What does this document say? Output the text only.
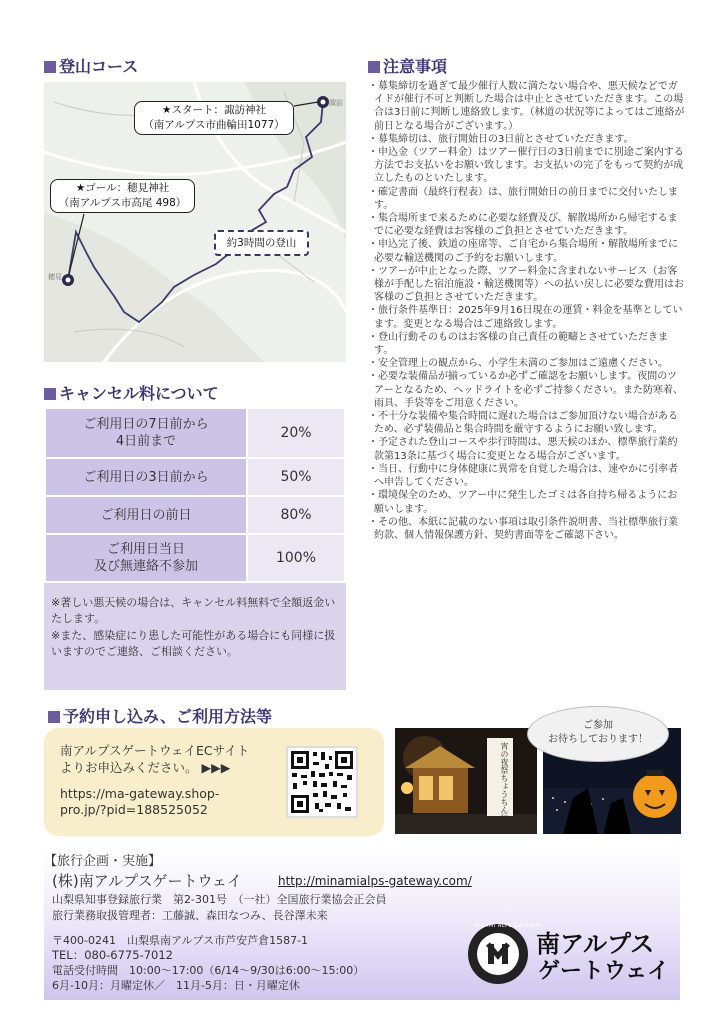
登山コース
諏訪
穂見
★スタート：諏訪神社
（南アルプス市曲輪田1077）
★ゴール：穂見神社
（南アルプス市高尾 498）
約3時間の登山
キャンセル料について
ご利用日の7日前から
4日前まで	20%

ご利用日の3日前から	50%

ご利用日の前日	80%

ご利用日当日
及び無連絡不参加	100%

※著しい悪天候の場合は、キャンセル料無料で全額返金いたします。

※また、感染症にり患した可能性がある場合にも同様に扱いますのでご連絡、ご相談ください。

注意事項

・募集締切を過ぎて最少催行人数に満たない場合や、悪天候などでガイドが催行不可と判断した場合は中止とさせていただきます。この場合は3日前に判断し連絡致します。（林道の状況等によってはご連絡が前日となる場合がございます。）

・募集締切は、旅行開始日の3日前とさせていただきます。

・申込金（ツアー料金）はツアー催行日の3日前までに別途ご案内する方法でお支払いをお願い致します。お支払いの完了をもって契約が成立したものといたします。

・確定書面（最終行程表）は、旅行開始日の前日までに交付いたします。

・集合場所まで来るために必要な経費及び、解散場所から帰宅するまでに必要な経費はお客様のご負担とさせていただきます。

・申込完了後、鉄道の座席等、ご自宅から集合場所・解散場所までに必要な輸送機関のご予約をお願いします。

・ツアーが中止となった際、ツアー料金に含まれないサービス（お客様が手配した宿泊施設・輸送機関等）への払い戻しに必要な費用はお客様のご負担とさせていただきます。

・旅行条件基準日：2025年9月16日現在の運賃・料金を基準としています。変更となる場合はご連絡致します。

・登山行動そのものはお客様の自己責任の範疇とさせていただきます。

・安全管理上の観点から、小学生未満のご参加はご遠慮ください。

・必要な装備品が揃っているか必ずご確認をお願いします。夜間のツアーとなるため、ヘッドライトを必ずご持参ください。また防寒着、雨具、手袋等をご用意ください。

・不十分な装備や集合時間に遅れた場合はご参加頂けない場合があるため、必ず装備品と集合時間を厳守するようにお願い致します。

・予定された登山コースや歩行時間は、悪天候のほか、標準旅行業約款第13条に基づく場合に変更となる場合がございます。

・当日、行動中に身体健康に異常を自覚した場合は、速やかに引率者へ申告してください。

・環境保全のため、ツアー中に発生したゴミは各自持ち帰るようにお願いします。

・その他、本紙に記載のない事項は取引条件説明書、当社標準旅行業約款、個人情報保護方針、契約書面等をご確認下さい。

予約申し込み、ご利用方法等
南アルプスゲートウェイECサイト
よりお申込みください。 ▶▶▶
https://ma-gateway.shop-
pro.jp/?pid=188525052
宵の夜祭ちょうちん行列
ご参加
お待ちしております！
【旅行企画・実施】
(株)南アルプスゲートウェイ	http://minamialps-gateway.com/
山梨県知事登録旅行業　第2-301号　（一社）全国旅行業協会正会員
旅行業務取扱管理者：工藤誠、森田なつみ、長谷澤未来
〒400-0241　山梨県南アルプス市芦安芦倉1587-1
TEL：080-6775-7012
電話受付時間　10:00～17:00（6/14～9/30は6:00～15:00）
6月-10月：月曜定休／　11月-5月：日・月曜定休
MINAMI ALPS GATEWAY
南アルプス
ゲートウェイ
